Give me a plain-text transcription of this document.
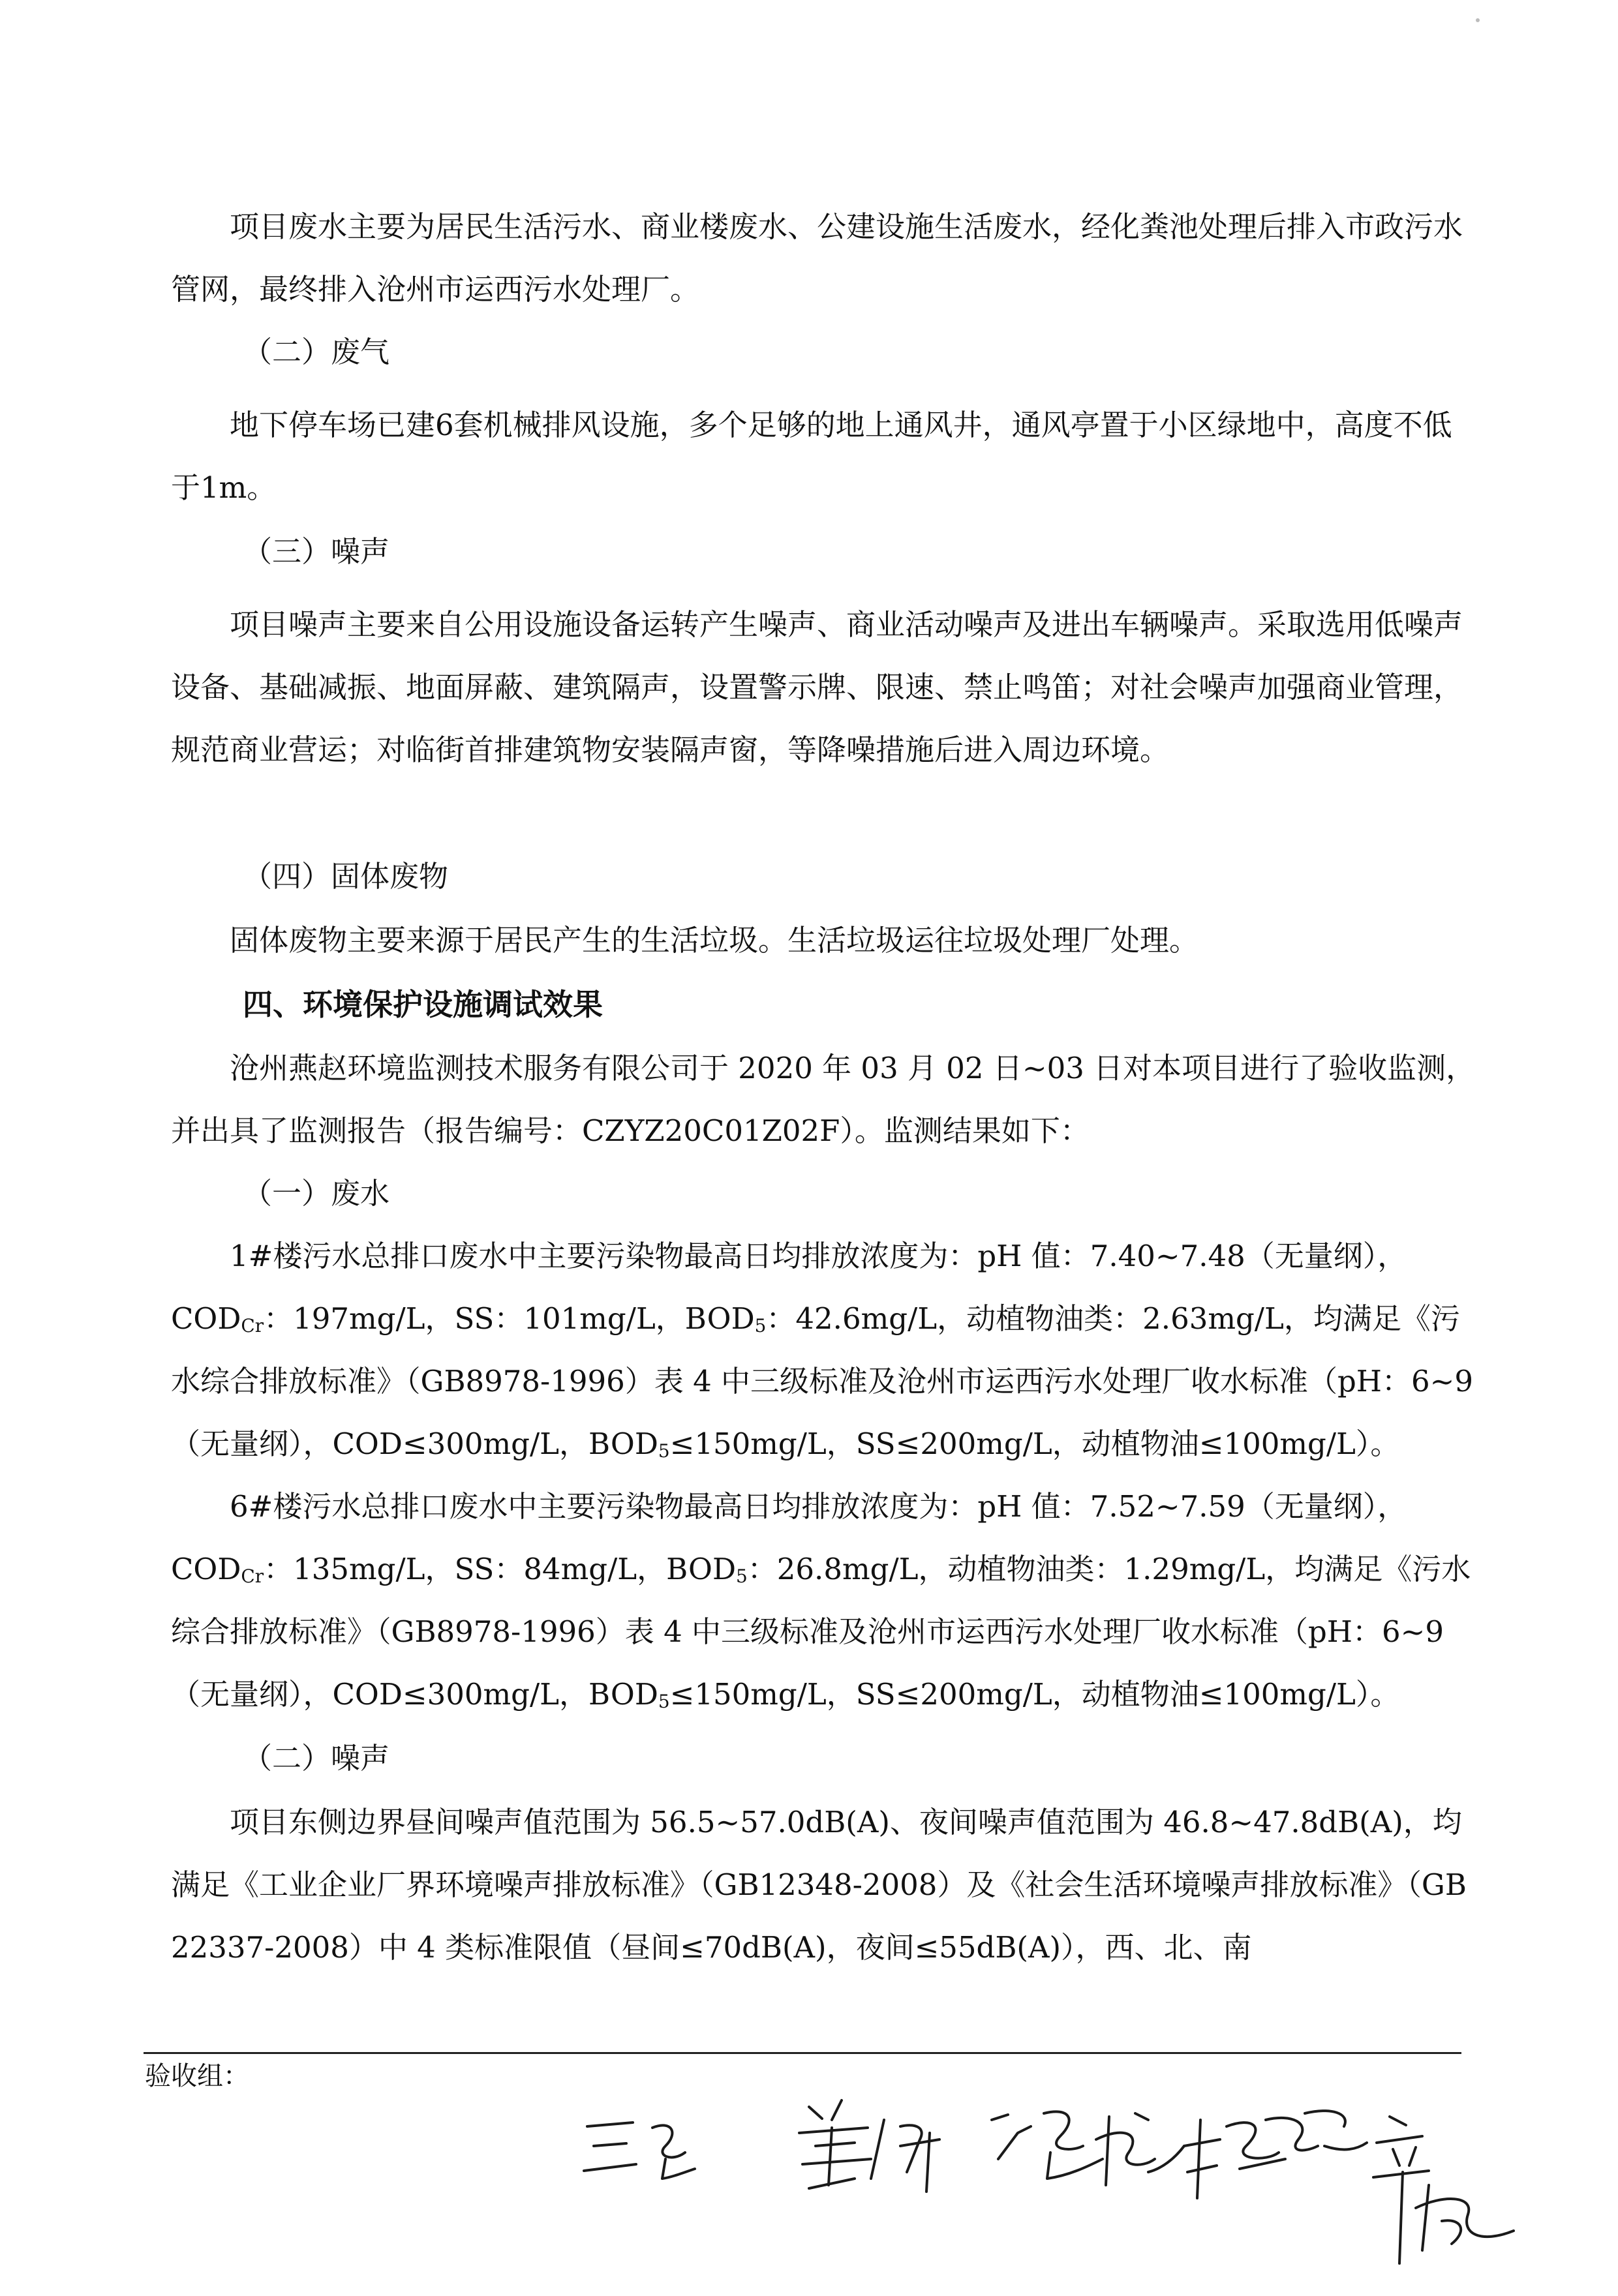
项目废水主要为居民生活污水、商业楼废水、公建设施生活废水，经化粪池处理后排入市政污水管网，最终排入沧州市运西污水处理厂。

（二）废气

地下停车场已建6套机械排风设施，多个足够的地上通风井，通风亭置于小区绿地中，高度不低于1m。

（三）噪声

项目噪声主要来自公用设施设备运转产生噪声、商业活动噪声及进出车辆噪声。采取选用低噪声设备、基础减振、地面屏蔽、建筑隔声，设置警示牌、限速、禁止鸣笛；对社会噪声加强商业管理，规范商业营运；对临街首排建筑物安装隔声窗，等降噪措施后进入周边环境。

（四）固体废物

固体废物主要来源于居民产生的生活垃圾。生活垃圾运往垃圾处理厂处理。

四、环境保护设施调试效果

沧州燕赵环境监测技术服务有限公司于 2020 年 03 月 02 日~03 日对本项目进行了验收监测，并出具了监测报告（报告编号：CZYZ20C01Z02F）。监测结果如下：

（一）废水

1#楼污水总排口废水中主要污染物最高日均排放浓度为：pH 值：7.40~7.48（无量纲），$COD_{Cr}$：197mg/L，SS：101mg/L，$BOD_5$：42.6mg/L，动植物油类：2.63mg/L，均满足《污水综合排放标准》（GB8978-1996）表 4 中三级标准及沧州市运西污水处理厂收水标准（pH：6~9（无量纲），COD≤300mg/L，$BOD_5\le 150mg/L$，SS≤200mg/L，动植物油≤100mg/L）。

6#楼污水总排口废水中主要污染物最高日均排放浓度为：pH 值：7.52~7.59（无量纲），$COD_{Cr}$：135mg/L，SS：84mg/L，$BOD_5$：26.8mg/L，动植物油类：1.29mg/L，均满足《污水综合排放标准》（GB8978-1996）表 4 中三级标准及沧州市运西污水处理厂收水标准（pH：6~9（无量纲），COD≤300mg/L，$BOD_5\le 150mg/L$，SS≤200mg/L，动植物油≤100mg/L）。

（二）噪声

项目东侧边界昼间噪声值范围为 56.5~57.0dB(A)、夜间噪声值范围为 46.8~47.8dB(A)，均满足《工业企业厂界环境噪声排放标准》（GB12348-2008）及《社会生活环境噪声排放标准》（GB 22337-2008）中 4 类标准限值（昼间≤70dB(A)，夜间≤55dB(A)），西、北、南

验收组：
